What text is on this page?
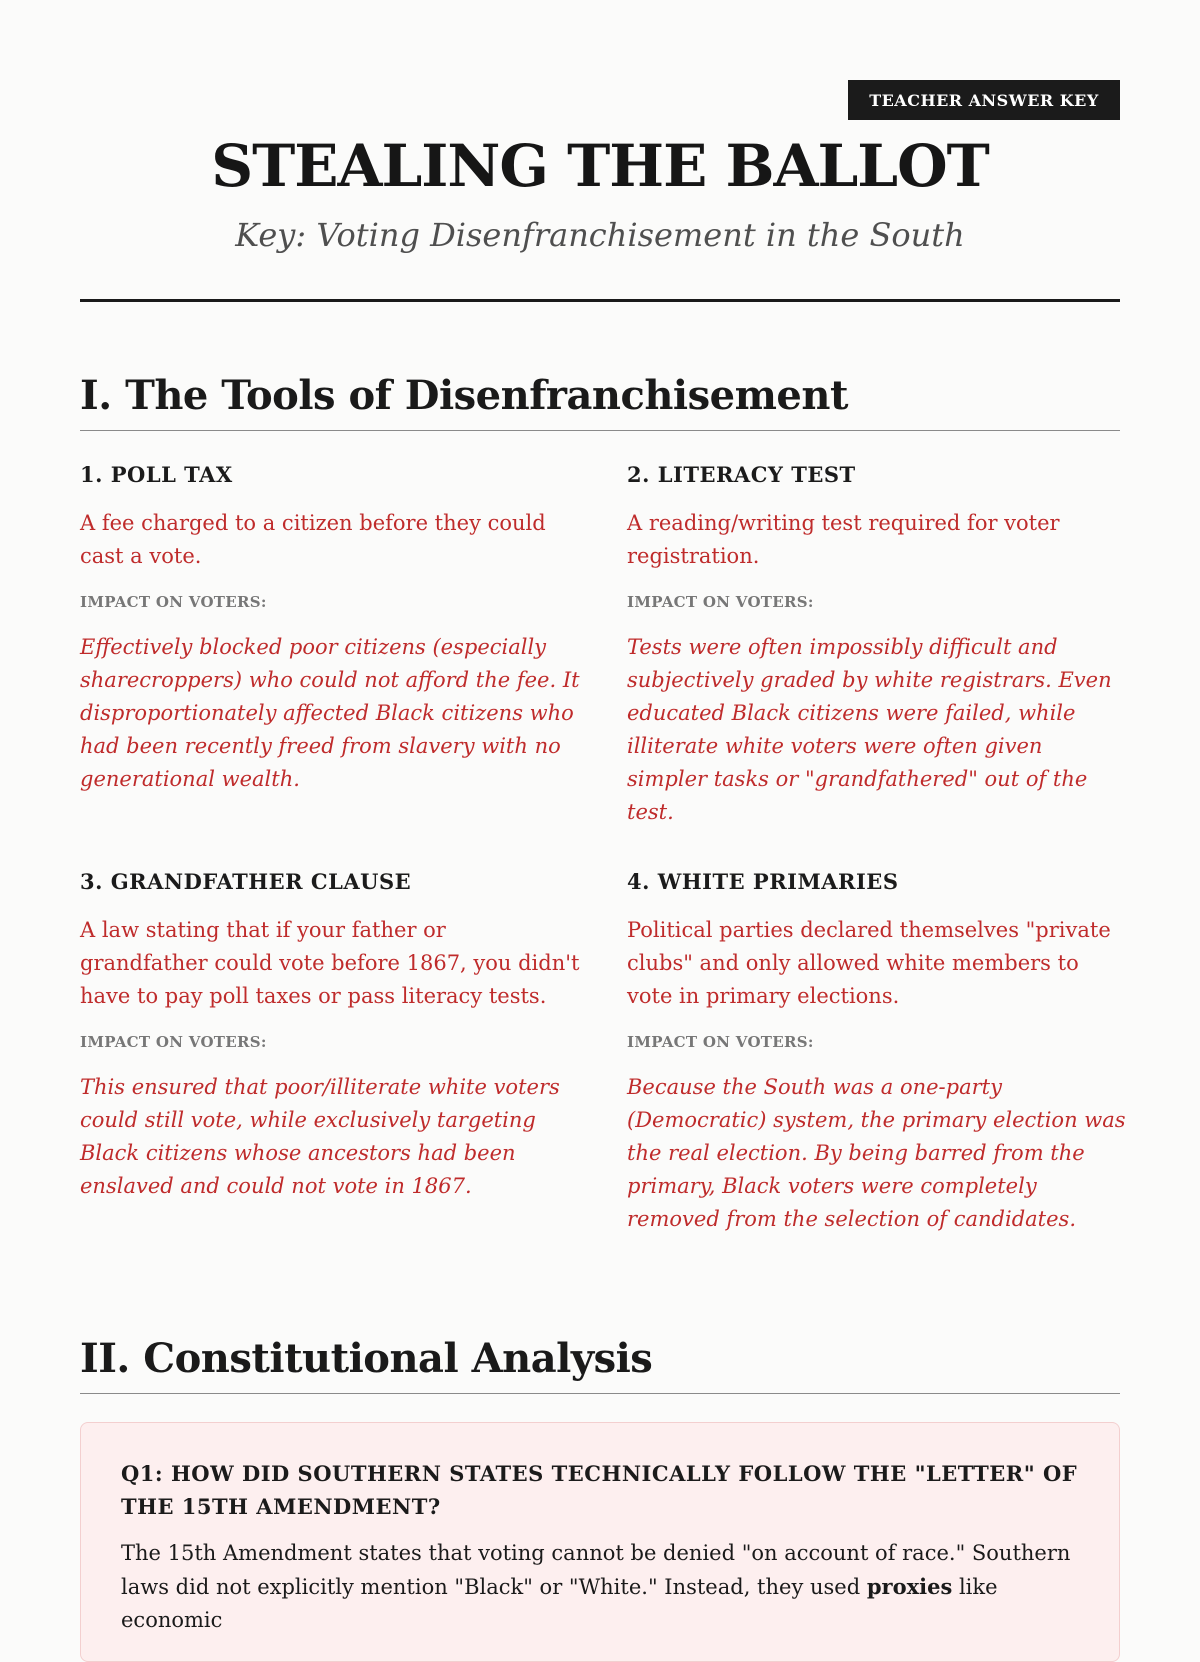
TEACHER ANSWER KEY
STEALING THE BALLOT

Key: Voting Disenfranchisement in the South

I. The Tools of Disenfranchisement
1. POLL TAX

A fee charged to a citizen before they could cast a vote.

IMPACT ON VOTERS:

Effectively blocked poor citizens (especially sharecroppers) who could not afford the fee. It disproportionately affected Black citizens who had been recently freed from slavery with no generational wealth.

2. LITERACY TEST

A reading/writing test required for voter registration.

IMPACT ON VOTERS:

Tests were often impossibly difficult and subjectively graded by white registrars. Even educated Black citizens were failed, while illiterate white voters were often given simpler tasks or "grandfathered" out of the test.

3. GRANDFATHER CLAUSE

A law stating that if your father or grandfather could vote before 1867, you didn't have to pay poll taxes or pass literacy tests.

IMPACT ON VOTERS:

This ensured that poor/illiterate white voters could still vote, while exclusively targeting Black citizens whose ancestors had been enslaved and could not vote in 1867.

4. WHITE PRIMARIES

Political parties declared themselves "private clubs" and only allowed white members to vote in primary elections.

IMPACT ON VOTERS:

Because the South was a one-party (Democratic) system, the primary election was the real election. By being barred from the primary, Black voters were completely removed from the selection of candidates.

II. Constitutional Analysis

Q1: HOW DID SOUTHERN STATES TECHNICALLY FOLLOW THE "LETTER" OF THE 15TH AMENDMENT?

The 15th Amendment states that voting cannot be denied "on account of race." Southern laws did not explicitly mention "Black" or "White." Instead, they used proxies like economic
